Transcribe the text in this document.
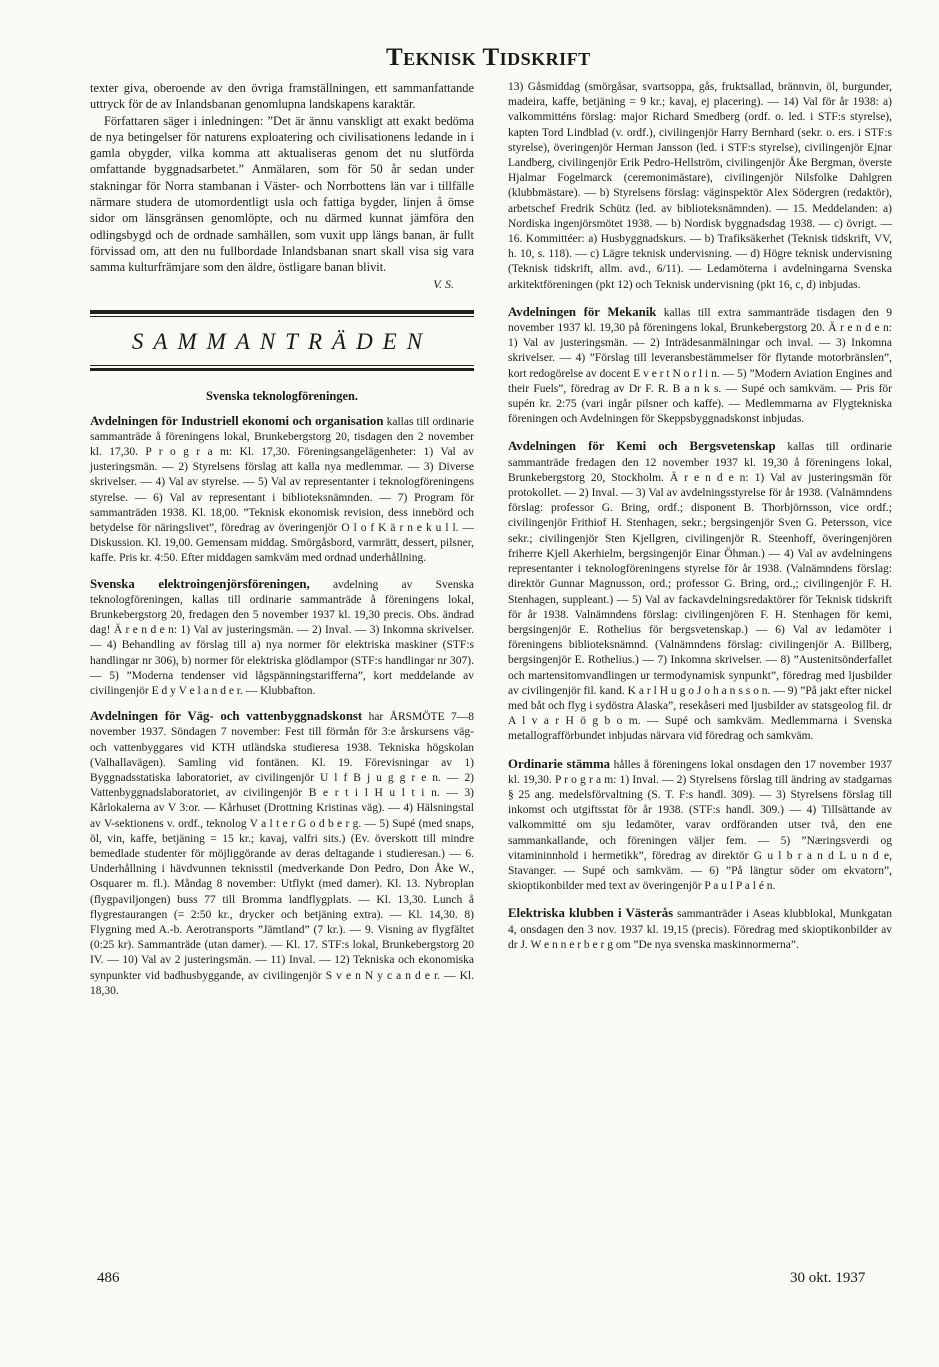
Teknisk Tidskrift

texter giva, oberoende av den övriga framställningen, ett sammanfattande uttryck för de av Inlandsbanan genomlupna landskapens karaktär.

Författaren säger i inledningen: ”Det är ännu vanskligt att exakt bedöma de nya betingelser för naturens exploatering och civilisationens ledande in i gamla obygder, vilka komma att aktualiseras genom det nu slutförda omfattande byggnadsarbetet.” Anmälaren, som för 50 år sedan under stakningar för Norra stambanan i Väster- och Norrbottens län var i tillfälle närmare studera de utomordentligt usla och fattiga bygder, linjen å ömse sidor om länsgränsen genomlöpte, och nu därmed kunnat jämföra den odlingsbygd och de ordnade samhällen, som vuxit upp längs banan, är fullt förvissad om, att den nu fullbordade Inlandsbanan snart skall visa sig vara samma kulturfrämjare som den äldre, östligare banan blivit.

V. S.
SAMMANTRÄDEN
Svenska teknologföreningen.

Avdelningen för Industriell ekonomi och organisation kallas till ordinarie sammanträde å föreningens lokal, Brunkebergstorg 20, tisdagen den 2 november kl. 17,30. P r o g r a m: Kl. 17,30. Föreningsangelägenheter: 1) Val av justeringsmän. — 2) Styrelsens förslag att kalla nya medlemmar. — 3) Diverse skrivelser. — 4) Val av styrelse. — 5) Val av representanter i teknologföreningens styrelse. — 6) Val av representant i biblioteksnämnden. — 7) Program för sammanträden 1938. Kl. 18,00. ”Teknisk ekonomisk revision, dess innebörd och betydelse för näringslivet”, föredrag av överingenjör O l o f K ä r n e k u l l. — Diskussion. Kl. 19,00. Gemensam middag. Smörgåsbord, varmrätt, dessert, pilsner, kaffe. Pris kr. 4:50. Efter middagen samkväm med ordnad underhållning.

Svenska elektroingenjörsföreningen, avdelning av Svenska teknologföreningen, kallas till ordinarie sammanträde å föreningens lokal, Brunkebergstorg 20, fredagen den 5 november 1937 kl. 19,30 precis. Obs. ändrad dag! Ä r e n d e n: 1) Val av justeringsmän. — 2) Inval. — 3) Inkomna skrivelser. — 4) Behandling av förslag till a) nya normer för elektriska maskiner (STF:s handlingar nr 306), b) normer för elektriska glödlampor (STF:s handlingar nr 307). — 5) ”Moderna tendenser vid lågspänningstarifferna”, kort meddelande av civilingenjör E d y V e l a n d e r. — Klubbafton.

Avdelningen för Väg- och vattenbyggnadskonst har ÅRSMÖTE 7—8 november 1937. Söndagen 7 november: Fest till förmån för 3:e årskursens väg- och vattenbyggares vid KTH utländska studieresa 1938. Tekniska högskolan (Valhallavägen). Samling vid fontänen. Kl. 19. Förevisningar av 1) Byggnadsstatiska laboratoriet, av civilingenjör U l f B j u g g r e n. — 2) Vattenbyggnadslaboratoriet, av civilingenjör B e r t i l H u l t i n. — 3) Kårlokalerna av V 3:or. — Kårhuset (Drottning Kristinas väg). — 4) Hälsningstal av V-sektionens v. ordf., teknolog V a l t e r G o d b e r g. — 5) Supé (med snaps, öl, vin, kaffe, betjäning = 15 kr.; kavaj, valfri sits.) (Ev. överskott till mindre bemedlade studenter för möjliggörande av deras deltagande i studieresan.) — 6. Underhållning i hävdvunnen teknisstil (medverkande Don Pedro, Don Åke W., Osquarer m. fl.). Måndag 8 november: Utflykt (med damer). Kl. 13. Nybroplan (flygpaviljongen) buss 77 till Bromma landflygplats. — Kl. 13,30. Lunch å flygrestaurangen (= 2:50 kr., drycker och betjäning extra). — Kl. 14,30. 8) Flygning med A.-b. Aerotransports ”Jämtland” (7 kr.). — 9. Visning av flygfältet (0:25 kr). Sammanträde (utan damer). — Kl. 17. STF:s lokal, Brunkebergstorg 20 IV. — 10) Val av 2 justeringsmän. — 11) Inval. — 12) Tekniska och ekonomiska synpunkter vid badhusbyggande, av civilingenjör S v e n N y c a n d e r. — Kl. 18,30.

13) Gåsmiddag (smörgåsar, svartsoppa, gås, fruktsallad, brännvin, öl, burgunder, madeira, kaffe, betjäning = 9 kr.; kavaj, ej placering). — 14) Val för år 1938: a) valkommitténs förslag: major Richard Smedberg (ordf. o. led. i STF:s styrelse), kapten Tord Lindblad (v. ordf.), civilingenjör Harry Bernhard (sekr. o. ers. i STF:s styrelse), överingenjör Herman Jansson (led. i STF:s styrelse), civilingenjör Ejnar Landberg, civilingenjör Erik Pedro-Hellström, civilingenjör Åke Bergman, överste Hjalmar Fogelmarck (ceremonimästare), civilingenjör Nilsfolke Dahlgren (klubbmästare). — b) Styrelsens förslag: väginspektör Alex Södergren (redaktör), arbetschef Fredrik Schütz (led. av biblioteksnämnden). — 15. Meddelanden: a) Nordiska ingenjörsmötet 1938. — b) Nordisk byggnadsdag 1938. — c) övrigt. — 16. Kommittéer: a) Husbyggnadskurs. — b) Trafiksäkerhet (Teknisk tidskrift, VV, h. 10, s. 118). — c) Lägre teknisk undervisning. — d) Högre teknisk undervisning (Teknisk tidskrift, allm. avd., 6/11). — Ledamöterna i avdelningarna Svenska arkitektföreningen (pkt 12) och Teknisk undervisning (pkt 16, c, d) inbjudas.

Avdelningen för Mekanik kallas till extra sammanträde tisdagen den 9 november 1937 kl. 19,30 på föreningens lokal, Brunkebergstorg 20. Ä r e n d e n: 1) Val av justeringsmän. — 2) Inträdesanmälningar och inval. — 3) Inkomna skrivelser. — 4) ”Förslag till leveransbestämmelser för flytande motorbränslen”, kort redogörelse av docent E v e r t N o r l i n. — 5) ”Modern Aviation Engines and their Fuels”, föredrag av Dr F. R. B a n k s. — Supé och samkväm. — Pris för supén kr. 2:75 (vari ingår pilsner och kaffe). — Medlemmarna av Flygtekniska föreningen och Avdelningen för Skeppsbyggnadskonst inbjudas.

Avdelningen för Kemi och Bergsvetenskap kallas till ordinarie sammanträde fredagen den 12 november 1937 kl. 19,30 å föreningens lokal, Brunkebergstorg 20, Stockholm. Ä r e n d e n: 1) Val av justeringsmän för protokollet. — 2) Inval. — 3) Val av avdelningsstyrelse för år 1938. (Valnämndens förslag: professor G. Bring, ordf.; disponent B. Thorbjörnsson, vice ordf.; civilingenjör Frithiof H. Stenhagen, sekr.; bergsingenjör Sven G. Petersson, vice sekr.; civilingenjör Sten Kjellgren, civilingenjör R. Steenhoff, överingenjören friherre Kjell Akerhielm, bergsingenjör Einar Öhman.) — 4) Val av avdelningens representanter i teknologföreningens styrelse för år 1938. (Valnämndens förslag: direktör Gunnar Magnusson, ord.; professor G. Bring, ord.,; civilingenjör F. H. Stenhagen, suppleant.) — 5) Val av fackavdelningsredaktörer för Teknisk tidskrift för år 1938. Valnämndens förslag: civilingenjören F. H. Stenhagen för kemi, bergsingenjör E. Rothelius för bergsvetenskap.) — 6) Val av ledamöter i föreningens biblioteksnämnd. (Valnämndens förslag: civilingenjör A. Billberg, bergsingenjör E. Rothelius.) — 7) Inkomna skrivelser. — 8) ”Austenitsönderfallet och martensitomvandlingen ur termodynamisk synpunkt”, föredrag med ljusbilder av civilingenjör fil. kand. K a r l H u g o J o h a n s s o n. — 9) ”På jakt efter nickel med båt och flyg i sydöstra Alaska”, resekåseri med ljusbilder av statsgeolog fil. dr A l v a r H ö g b o m. — Supé och samkväm. Medlemmarna i Svenska metallografförbundet inbjudas närvara vid föredrag och samkväm.

Ordinarie stämma hålles å föreningens lokal onsdagen den 17 november 1937 kl. 19,30. P r o g r a m: 1) Inval. — 2) Styrelsens förslag till ändring av stadgarnas § 25 ang. medelsförvaltning (S. T. F:s handl. 309). — 3) Styrelsens förslag till inkomst och utgiftsstat för år 1938. (STF:s handl. 309.) — 4) Tillsättande av valkommitté om sju ledamöter, varav ordföranden utser två, den ene sammankallande, och föreningen väljer fem. — 5) ”Næringsverdi og vitamininnhold i hermetikk”, föredrag av direktör G u l b r a n d L u n d e, Stavanger. — Supé och samkväm. — 6) ”På längtur söder om ekvatorn”, skioptikonbilder med text av överingenjör P a u l P a l é n.

Elektriska klubben i Västerås sammanträder i Aseas klubblokal, Munkgatan 4, onsdagen den 3 nov. 1937 kl. 19,15 (precis). Föredrag med skioptikonbilder av dr J. W e n n e r b e r g om ”De nya svenska maskinnormerna”.

486	30 okt. 1937
